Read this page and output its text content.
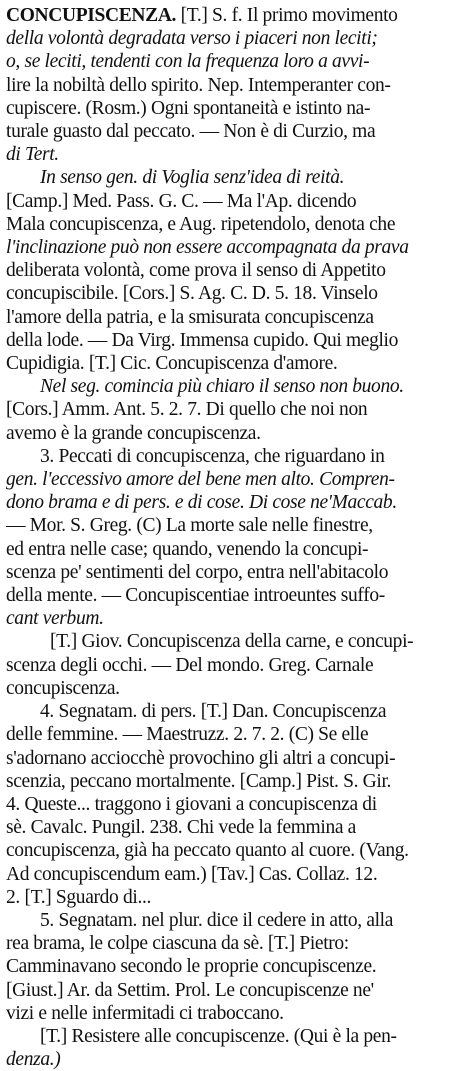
CONCUPISCENZA. [T.] S. f. Il primo movimento
della volontà degradata verso i piaceri non leciti;
o, se leciti, tendenti con la frequenza loro a avvi-
lire la nobiltà dello spirito. Nep. Intemperanter con-
cupiscere. (Rosm.) Ogni spontaneità e istinto na-
turale guasto dal peccato. — Non è di Curzio, ma
di Tert.
In senso gen. di Voglia senz'idea di reità.
[Camp.] Med. Pass. G. C. — Ma l'Ap. dicendo
Mala concupiscenza, e Aug. ripetendolo, denota che
l'inclinazione può non essere accompagnata da prava
deliberata volontà, come prova il senso di Appetito
concupiscibile. [Cors.] S. Ag. C. D. 5. 18. Vinselo
l'amore della patria, e la smisurata concupiscenza
della lode. — Da Virg. Immensa cupido. Qui meglio
Cupidigia. [T.] Cic. Concupiscenza d'amore.
Nel seg. comincia più chiaro il senso non buono.
[Cors.] Amm. Ant. 5. 2. 7. Di quello che noi non
avemo è la grande concupiscenza.
3. Peccati di concupiscenza, che riguardano in
gen. l'eccessivo amore del bene men alto. Compren-
dono brama e di pers. e di cose. Di cose ne'Maccab.
— Mor. S. Greg. (C) La morte sale nelle finestre,
ed entra nelle case; quando, venendo la concupi-
scenza pe' sentimenti del corpo, entra nell'abitacolo
della mente. — Concupiscentiae introeuntes suffo-
cant verbum.
[T.] Giov. Concupiscenza della carne, e concupi-
scenza degli occhi. — Del mondo. Greg. Carnale
concupiscenza.
4. Segnatam. di pers. [T.] Dan. Concupiscenza
delle femmine. — Maestruzz. 2. 7. 2. (C) Se elle
s'adornano acciocchè provochino gli altri a concupi-
scenzia, peccano mortalmente. [Camp.] Pist. S. Gir.
4. Queste... traggono i giovani a concupiscenza di
sè. Cavalc. Pungil. 238. Chi vede la femmina a
concupiscenza, già ha peccato quanto al cuore. (Vang.
Ad concupiscendum eam.) [Tav.] Cas. Collaz. 12.
2. [T.] Sguardo di...
5. Segnatam. nel plur. dice il cedere in atto, alla
rea brama, le colpe ciascuna da sè. [T.] Pietro:
Camminavano secondo le proprie concupiscenze.
[Giust.] Ar. da Settim. Prol. Le concupiscenze ne'
vizi e nelle infermitadi ci traboccano.
[T.] Resistere alle concupiscenze. (Qui è la pen-
denza.)
